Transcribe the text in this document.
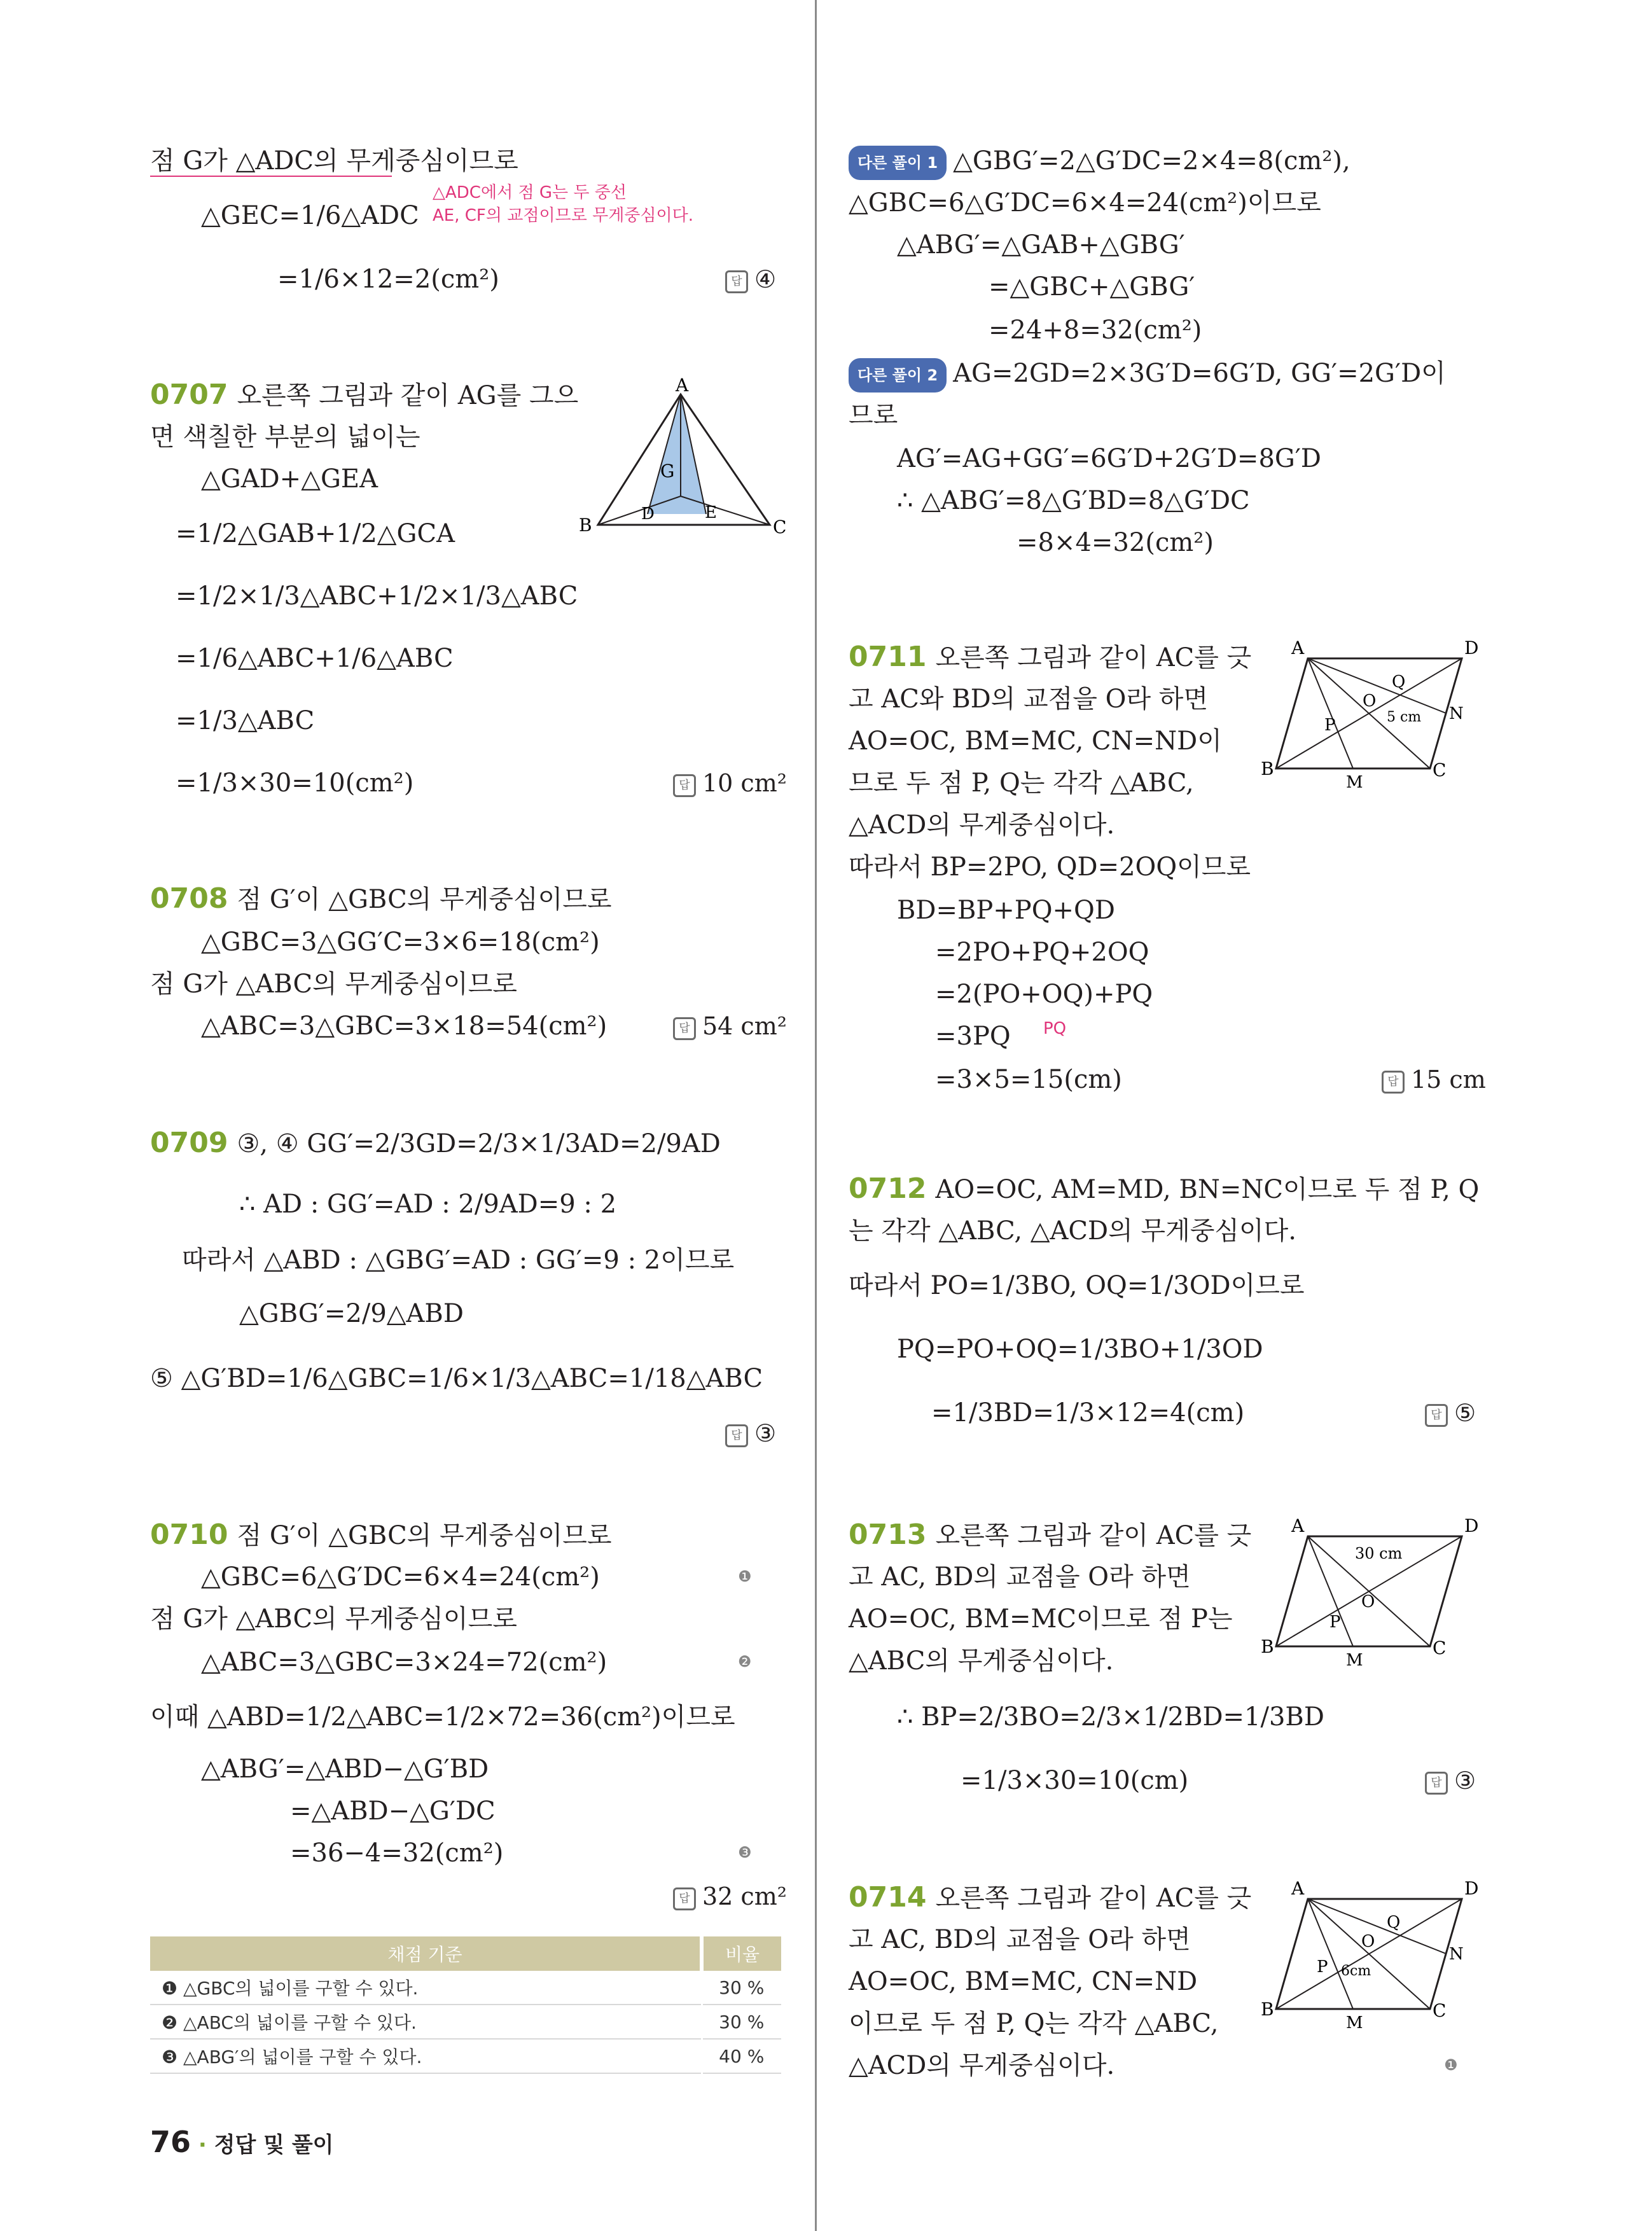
점 G가 △ADC의 무게중심이므로
△ADC에서 점 G는 두 중선
AE, CF의 교점이므로 무게중심이다.
△GEC=1/6△ADC
=1/6×12=2(cm²)	답 ④
0707 오른쪽 그림과 같이 AG를 그으
면 색칠한 부분의 넓이는
△GAD+△GEA
=1/2△GAB+1/2△GCA
=1/2×1/3△ABC+1/2×1/3△ABC
=1/6△ABC+1/6△ABC
=1/3△ABC
=1/3×30=10(cm²)	답 10 cm²
A
B	C
D	E
G
0708 점 G′이 △GBC의 무게중심이므로
△GBC=3△GG′C=3×6=18(cm²)
점 G가 △ABC의 무게중심이므로
△ABC=3△GBC=3×18=54(cm²)	답 54 cm²
0709 ③, ④ GG′=2/3GD=2/3×1/3AD=2/9AD
∴ AD : GG′=AD : 2/9AD=9 : 2
따라서 △ABD : △GBG′=AD : GG′=9 : 2이므로
△GBG′=2/9△ABD
⑤ △G′BD=1/6△GBC=1/6×1/3△ABC=1/18△ABC
답 ③
0710 점 G′이 △GBC의 무게중심이므로
△GBC=6△G′DC=6×4=24(cm²)	❶
점 G가 △ABC의 무게중심이므로
△ABC=3△GBC=3×24=72(cm²)	❷
이때 △ABD=1/2△ABC=1/2×72=36(cm²)이므로
△ABG′=△ABD−△G′BD
=△ABD−△G′DC
=36−4=32(cm²)	❸
답 32 cm²
채점 기준	비율
❶ △GBC의 넓이를 구할 수 있다.	30 %
❷ △ABC의 넓이를 구할 수 있다.	30 %
❸ △ABG′의 넓이를 구할 수 있다.	40 %
76 · 정답 및 풀이
다른 풀이 1 △GBG′=2△G′DC=2×4=8(cm²),
△GBC=6△G′DC=6×4=24(cm²)이므로
△ABG′=△GAB+△GBG′
=△GBC+△GBG′
=24+8=32(cm²)
다른 풀이 2 AG=2GD=2×3G′D=6G′D, GG′=2G′D이
므로
AG′=AG+GG′=6G′D+2G′D=8G′D
∴ △ABG′=8△G′BD=8△G′DC
=8×4=32(cm²)
0711 오른쪽 그림과 같이 AC를 긋
고 AC와 BD의 교점을 O라 하면
AO=OC, BM=MC, CN=ND이
므로 두 점 P, Q는 각각 △ABC,
△ACD의 무게중심이다.
따라서 BP=2PO, QD=2OQ이므로
BD=BP+PQ+QD
=2PO+PQ+2OQ
=2(PO+OQ)+PQ
=3PQ PQ
=3×5=15(cm)	답 15 cm
A	D
B	C
M
N
O
P
Q
5 cm
0712 AO=OC, AM=MD, BN=NC이므로 두 점 P, Q
는 각각 △ABC, △ACD의 무게중심이다.
따라서 PO=1/3BO, OQ=1/3OD이므로
PQ=PO+OQ=1/3BO+1/3OD
=1/3BD=1/3×12=4(cm)	답 ⑤
0713 오른쪽 그림과 같이 AC를 긋
고 AC, BD의 교점을 O라 하면
AO=OC, BM=MC이므로 점 P는
△ABC의 무게중심이다.
∴ BP=2/3BO=2/3×1/2BD=1/3BD
=1/3×30=10(cm)	답 ③
A	D
B	C
M
O
P
30 cm
0714 오른쪽 그림과 같이 AC를 긋
고 AC, BD의 교점을 O라 하면
AO=OC, BM=MC, CN=ND
이므로 두 점 P, Q는 각각 △ABC,
△ACD의 무게중심이다.	❶
A	D
B	C
M
N
O
P
Q
6cm
